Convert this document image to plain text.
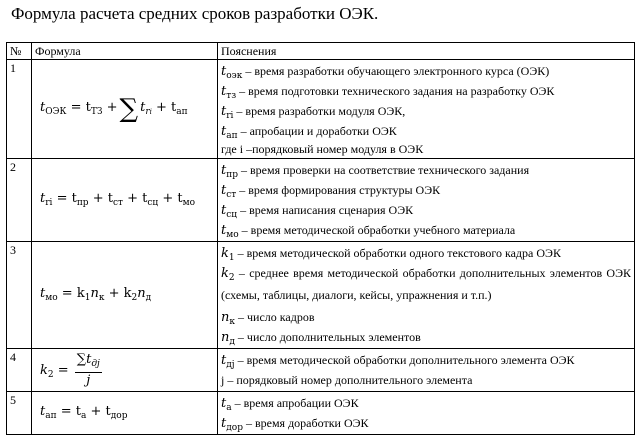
Формула расчета средних сроков разработки ОЭК.
№	Формула	Пояснения
1	$t_{ОЭК} = t_{ТЗ}$ +∑ $t_{ri} + t_{ап}$	$t_{оэк}$ – время разработки обучающего электронного курса (ОЭК)
$t_{тз}$ – время подготовки технического задания на разработку ОЭК
$t_{ri}$ – время разработки модуля ОЭК,
$t_{ап}$ – апробации и доработки ОЭК
где i –порядковый номер модуля в ОЭК

2	$t_{ri} = t_{пр} + t_{ст} + t_{сц} + t_{мо}$	$t_{пр}$ – время проверки на соответствие технического задания
$t_{ст}$ – время формирования структуры ОЭК
$t_{сц}$ – время написания сценария ОЭК
$t_{мо}$ – время методической обработки учебного материала

3	$t_{мо} = k_1n_к + k_2n_д$	$k_1$ – время методической обработки одного текстового кадра ОЭК
$k_2$ – среднее время методической обработки дополнительных элементов ОЭК (схемы, таблицы, диалоги, кейсы, упражнения и т.п.)
$n_к$ – число кадров
$n_д$ – число дополнительных элементов

4	$k_2 = \frac{\sum t_{дj}}{j}$	$t_{дj}$ – время методической обработки дополнительного элемента ОЭК
j – порядковый номер дополнительного элемента

5	$t_{ап} = t_а + t_{дор}$	$t_а$ – время апробации ОЭК
$t_{дор}$ – время доработки ОЭК
